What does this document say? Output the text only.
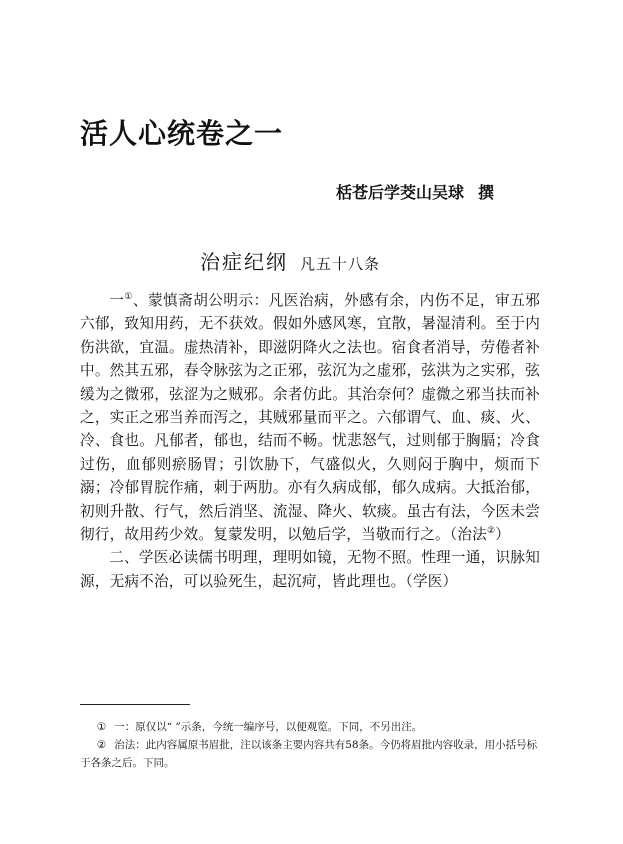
活人心统卷之一
栝苍后学茭山吴球 撰
治症纪纲 凡五十八条

一①、蒙慎斋胡公明示：凡医治病，外感有余，内伤不足，审五邪六郁，致知用药，无不获效。假如外感风寒，宜散，暑湿清利。至于内伤洪欲，宜温。虚热清补，即滋阴降火之法也。宿食者消导，劳倦者补中。然其五邪，春令脉弦为之正邪，弦沉为之虚邪，弦洪为之实邪，弦缓为之微邪，弦涩为之贼邪。余者仿此。其治奈何？虚微之邪当扶而补之，实正之邪当养而泻之，其贼邪量而平之。六郁谓气、血、痰、火、冷、食也。凡郁者，郁也，结而不畅。忧悲怒气，过则郁于胸膈；冷食过伤，血郁则瘀肠胃；引饮胁下，气盛似火，久则闷于胸中，烦而下溺；冷郁胃脘作痛，刺于两肋。亦有久病成郁，郁久成病。大抵治郁，初则升散、行气，然后消坚、流湿、降火、软痰。虽古有法，今医未尝彻行，故用药少效。复蒙发明，以勉后学，当敬而行之。（治法②）

二、学医必读儒书明理，理明如镜，无物不照。性理一通，识脉知源，无病不治，可以验死生，起沉疴，皆此理也。（学医）

① 一：原仅以“ ”示条，今统一编序号，以便观览。下同，不另出注。

② 治法：此内容属原书眉批，注以该条主要内容共有58条。今仍将眉批内容收录，用小括号标于各条之后。下同。
